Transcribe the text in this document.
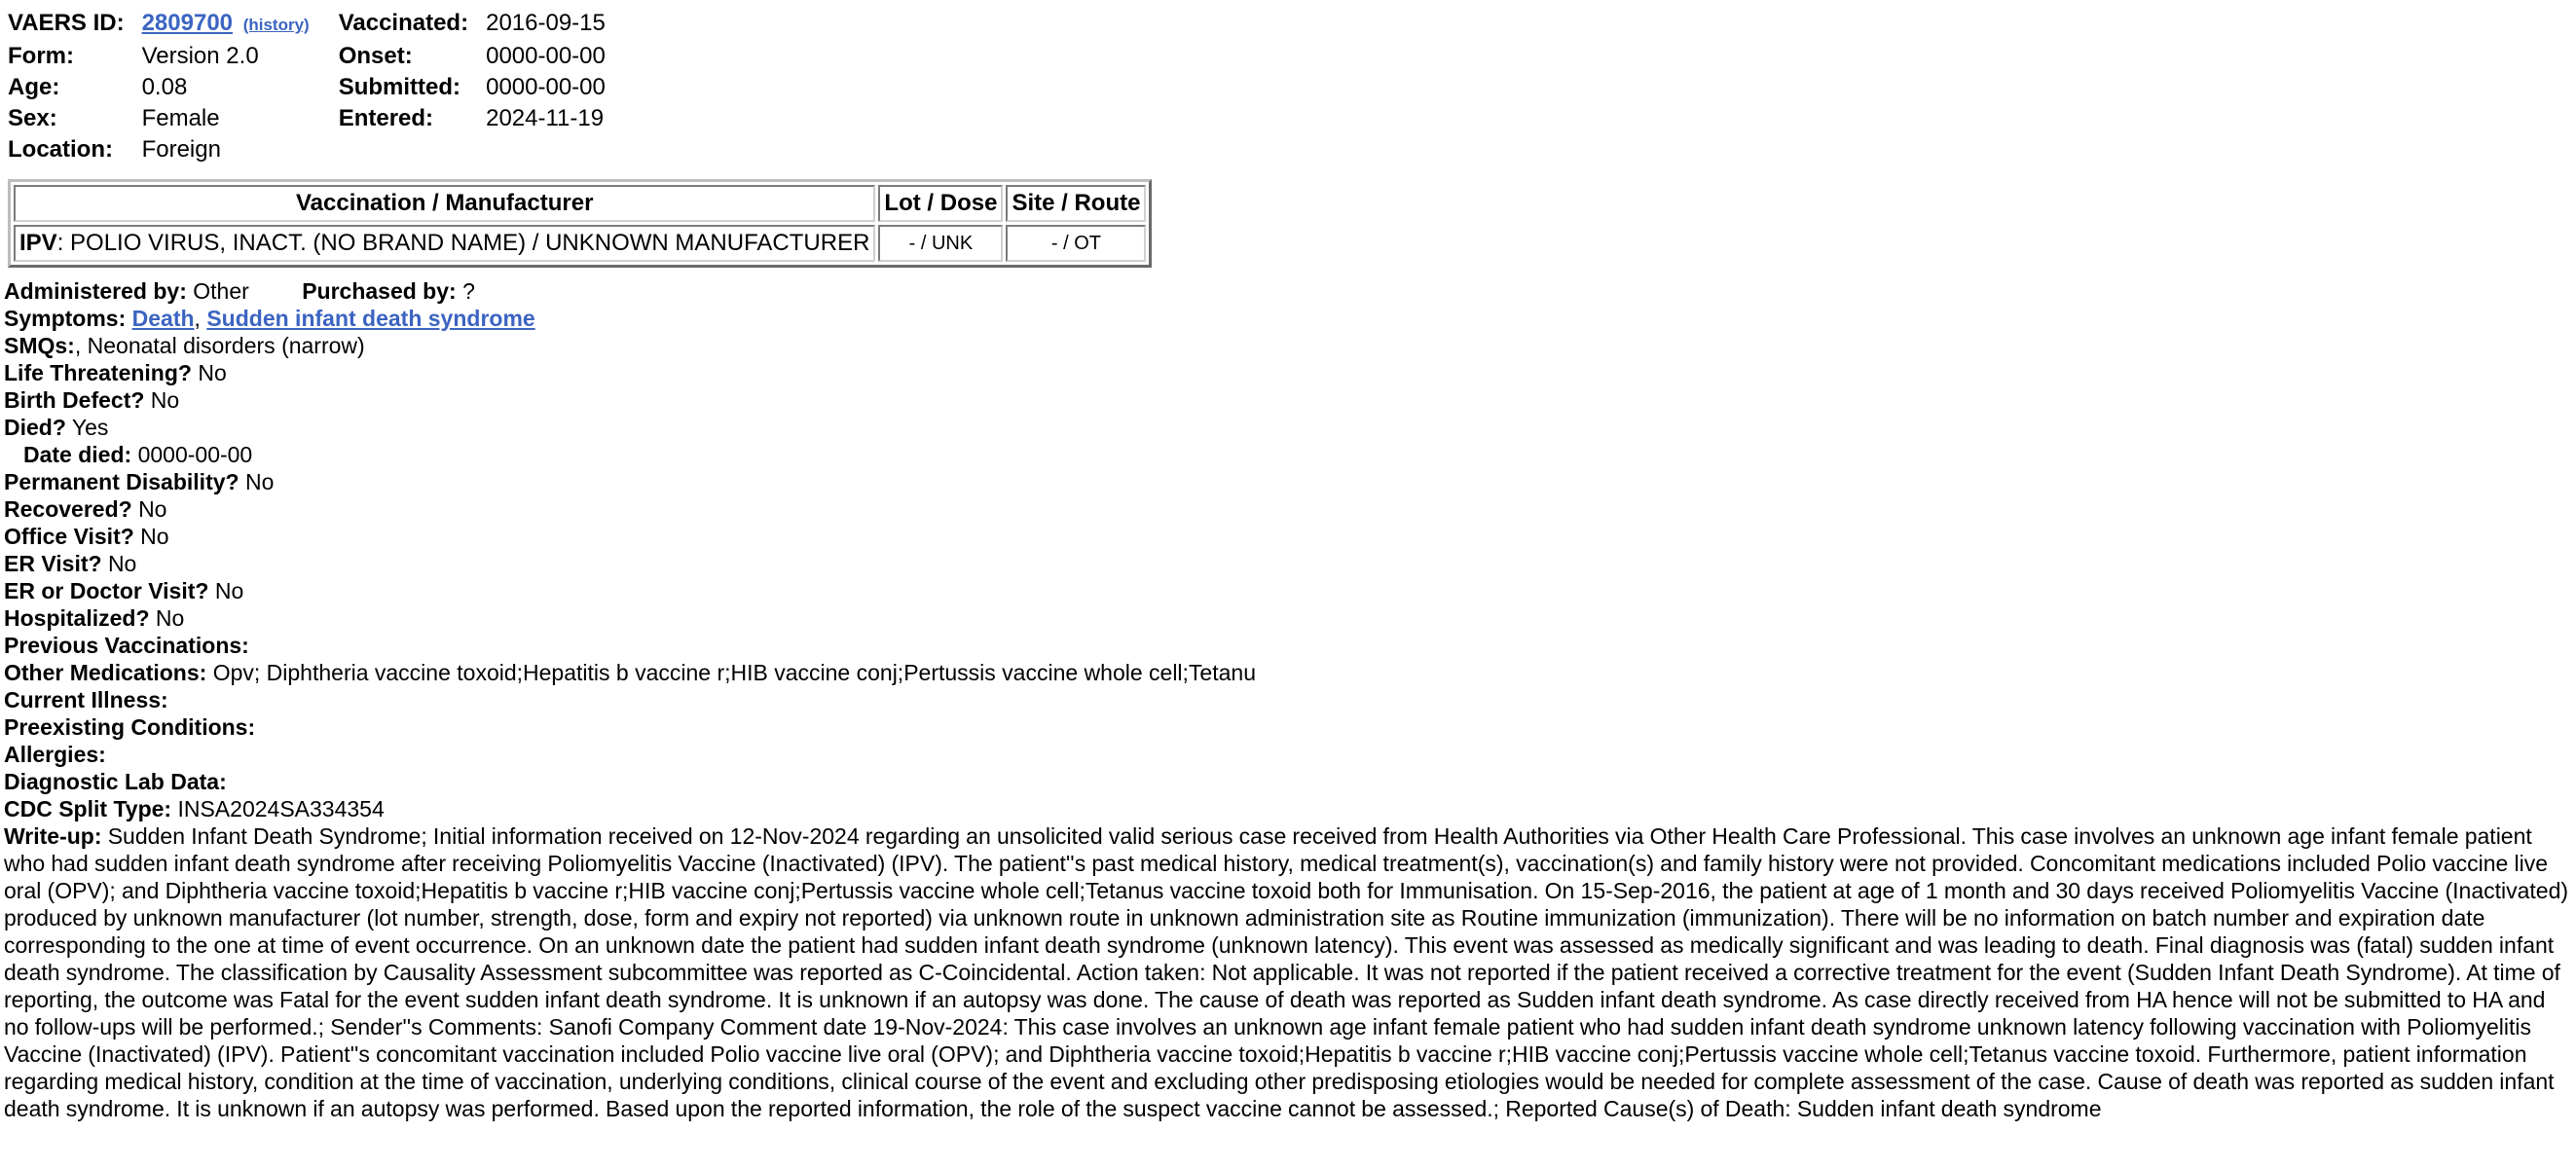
VAERS ID:	2809700 (history)	Vaccinated:	2016-09-15
Form:	Version 2.0	Onset:	0000-00-00
Age:	0.08	Submitted:	0000-00-00
Sex:	Female	Entered:	2024-11-19
Location:	Foreign		
Vaccination / Manufacturer	Lot / Dose	Site / Route
IPV: POLIO VIRUS, INACT. (NO BRAND NAME) / UNKNOWN MANUFACTURER	- / UNK	- / OT
Administered by: Other Purchased by: ?
Symptoms: Death, Sudden infant death syndrome
SMQs:, Neonatal disorders (narrow)
Life Threatening? No
Birth Defect? No
Died? Yes
Date died: 0000-00-00
Permanent Disability? No
Recovered? No
Office Visit? No
ER Visit? No
ER or Doctor Visit? No
Hospitalized? No
Previous Vaccinations:
Other Medications: Opv; Diphtheria vaccine toxoid;Hepatitis b vaccine r;HIB vaccine conj;Pertussis vaccine whole cell;Tetanu
Current Illness:
Preexisting Conditions:
Allergies:
Diagnostic Lab Data:
CDC Split Type: INSA2024SA334354
Write-up: Sudden Infant Death Syndrome; Initial information received on 12-Nov-2024 regarding an unsolicited valid serious case received from Health Authorities via Other Health Care Professional. This case involves an unknown age infant female patient who had sudden infant death syndrome after receiving Poliomyelitis Vaccine (Inactivated) (IPV). The patient''s past medical history, medical treatment(s), vaccination(s) and family history were not provided. Concomitant medications included Polio vaccine live oral (OPV); and Diphtheria vaccine toxoid;Hepatitis b vaccine r;HIB vaccine conj;Pertussis vaccine whole cell;Tetanus vaccine toxoid both for Immunisation. On 15-Sep-2016, the patient at age of 1 month and 30 days received Poliomyelitis Vaccine (Inactivated) produced by unknown manufacturer (lot number, strength, dose, form and expiry not reported) via unknown route in unknown administration site as Routine immunization (immunization). There will be no information on batch number and expiration date corresponding to the one at time of event occurrence. On an unknown date the patient had sudden infant death syndrome (unknown latency). This event was assessed as medically significant and was leading to death. Final diagnosis was (fatal) sudden infant death syndrome. The classification by Causality Assessment subcommittee was reported as C-Coincidental. Action taken: Not applicable. It was not reported if the patient received a corrective treatment for the event (Sudden Infant Death Syndrome). At time of reporting, the outcome was Fatal for the event sudden infant death syndrome. It is unknown if an autopsy was done. The cause of death was reported as Sudden infant death syndrome. As case directly received from HA hence will not be submitted to HA and no follow-ups will be performed.; Sender''s Comments: Sanofi Company Comment date 19-Nov-2024: This case involves an unknown age infant female patient who had sudden infant death syndrome unknown latency following vaccination with Poliomyelitis Vaccine (Inactivated) (IPV). Patient''s concomitant vaccination included Polio vaccine live oral (OPV); and Diphtheria vaccine toxoid;Hepatitis b vaccine r;HIB vaccine conj;Pertussis vaccine whole cell;Tetanus vaccine toxoid. Furthermore, patient information regarding medical history, condition at the time of vaccination, underlying conditions, clinical course of the event and excluding other predisposing etiologies would be needed for complete assessment of the case. Cause of death was reported as sudden infant death syndrome. It is unknown if an autopsy was performed. Based upon the reported information, the role of the suspect vaccine cannot be assessed.; Reported Cause(s) of Death: Sudden infant death syndrome
